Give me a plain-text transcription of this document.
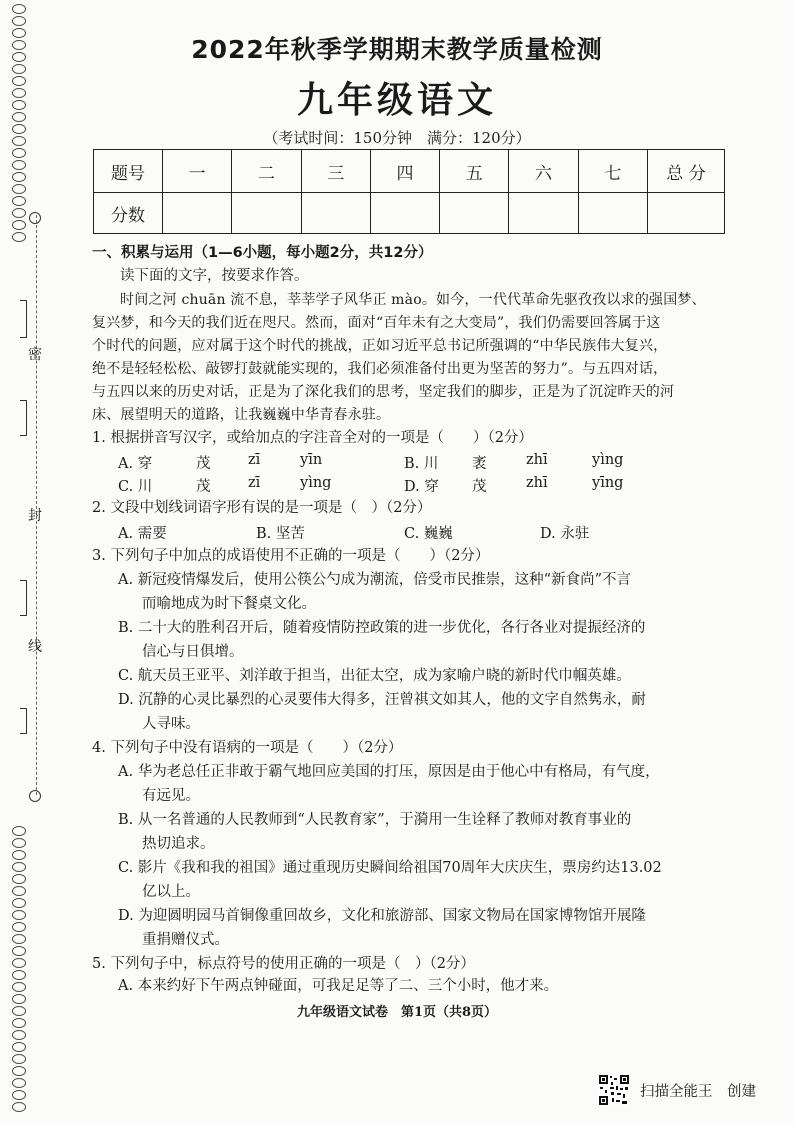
密
封
线
2022年秋季学期期末教学质量检测
九年级语文
（考试时间：150分钟　满分：120分）
题号	一	二	三	四	五	六	七	总 分
分数								
一、积累与运用（1—6小题，每小题2分，共12分）
读下面的文字，按要求作答。
时间之河 chuān 流不息，莘莘学子风华正 mào。如今，一代代革命先驱孜孜以求的强国梦、
复兴梦，和今天的我们近在咫尺。然而，面对“百年未有之大变局”，我们仍需要回答属于这
个时代的问题，应对属于这个时代的挑战，正如习近平总书记所强调的“中华民族伟大复兴，
绝不是轻轻松松、敲锣打鼓就能实现的，我们必须准备付出更为坚苦的努力”。与五四对话，
与五四以来的历史对话，正是为了深化我们的思考，坚定我们的脚步，正是为了沉淀昨天的河
床、展望明天的道路，让我巍巍中华青春永驻。
1. 根据拼音写汉字，或给加点的字注音全对的一项是（　　）（2分）
A. 穿	茂	zī	yīn	B. 川 袤	zhī	yìng
C. 川	茂	zī	yìng	D. 穿 茂	zhī	yīng
2. 文段中划线词语字形有误的是一项是（　）（2分）
A. 需要	B. 坚苦	C. 巍巍	D. 永驻
3. 下列句子中加点的成语使用不正确的一项是（　　）（2分）
A. 新冠疫情爆发后，使用公筷公勺成为潮流，倍受市民推崇，这种“新食尚”不言
而喻地成为时下餐桌文化。
B. 二十大的胜利召开后，随着疫情防控政策的进一步优化，各行各业对提振经济的
信心与日俱增。
C. 航天员王亚平、刘洋敢于担当，出征太空，成为家喻户晓的新时代巾帼英雄。
D. 沉静的心灵比暴烈的心灵要伟大得多，汪曾祺文如其人，他的文字自然隽永，耐
人寻味。
4. 下列句子中没有语病的一项是（　　）（2分）
A. 华为老总任正非敢于霸气地回应美国的打压，原因是由于他心中有格局，有气度，
有远见。
B. 从一名普通的人民教师到“人民教育家”，于漪用一生诠释了教师对教育事业的
热切追求。
C. 影片《我和我的祖国》通过重现历史瞬间给祖国70周年大庆庆生，票房约达13.02
亿以上。
D. 为迎圆明园马首铜像重回故乡，文化和旅游部、国家文物局在国家博物馆开展隆
重捐赠仪式。
5. 下列句子中，标点符号的使用正确的一项是（　）（2分）
A. 本来约好下午两点钟碰面，可我足足等了二、三个小时，他才来。
九年级语文试卷　第1页（共8页）
扫描全能王　创建
